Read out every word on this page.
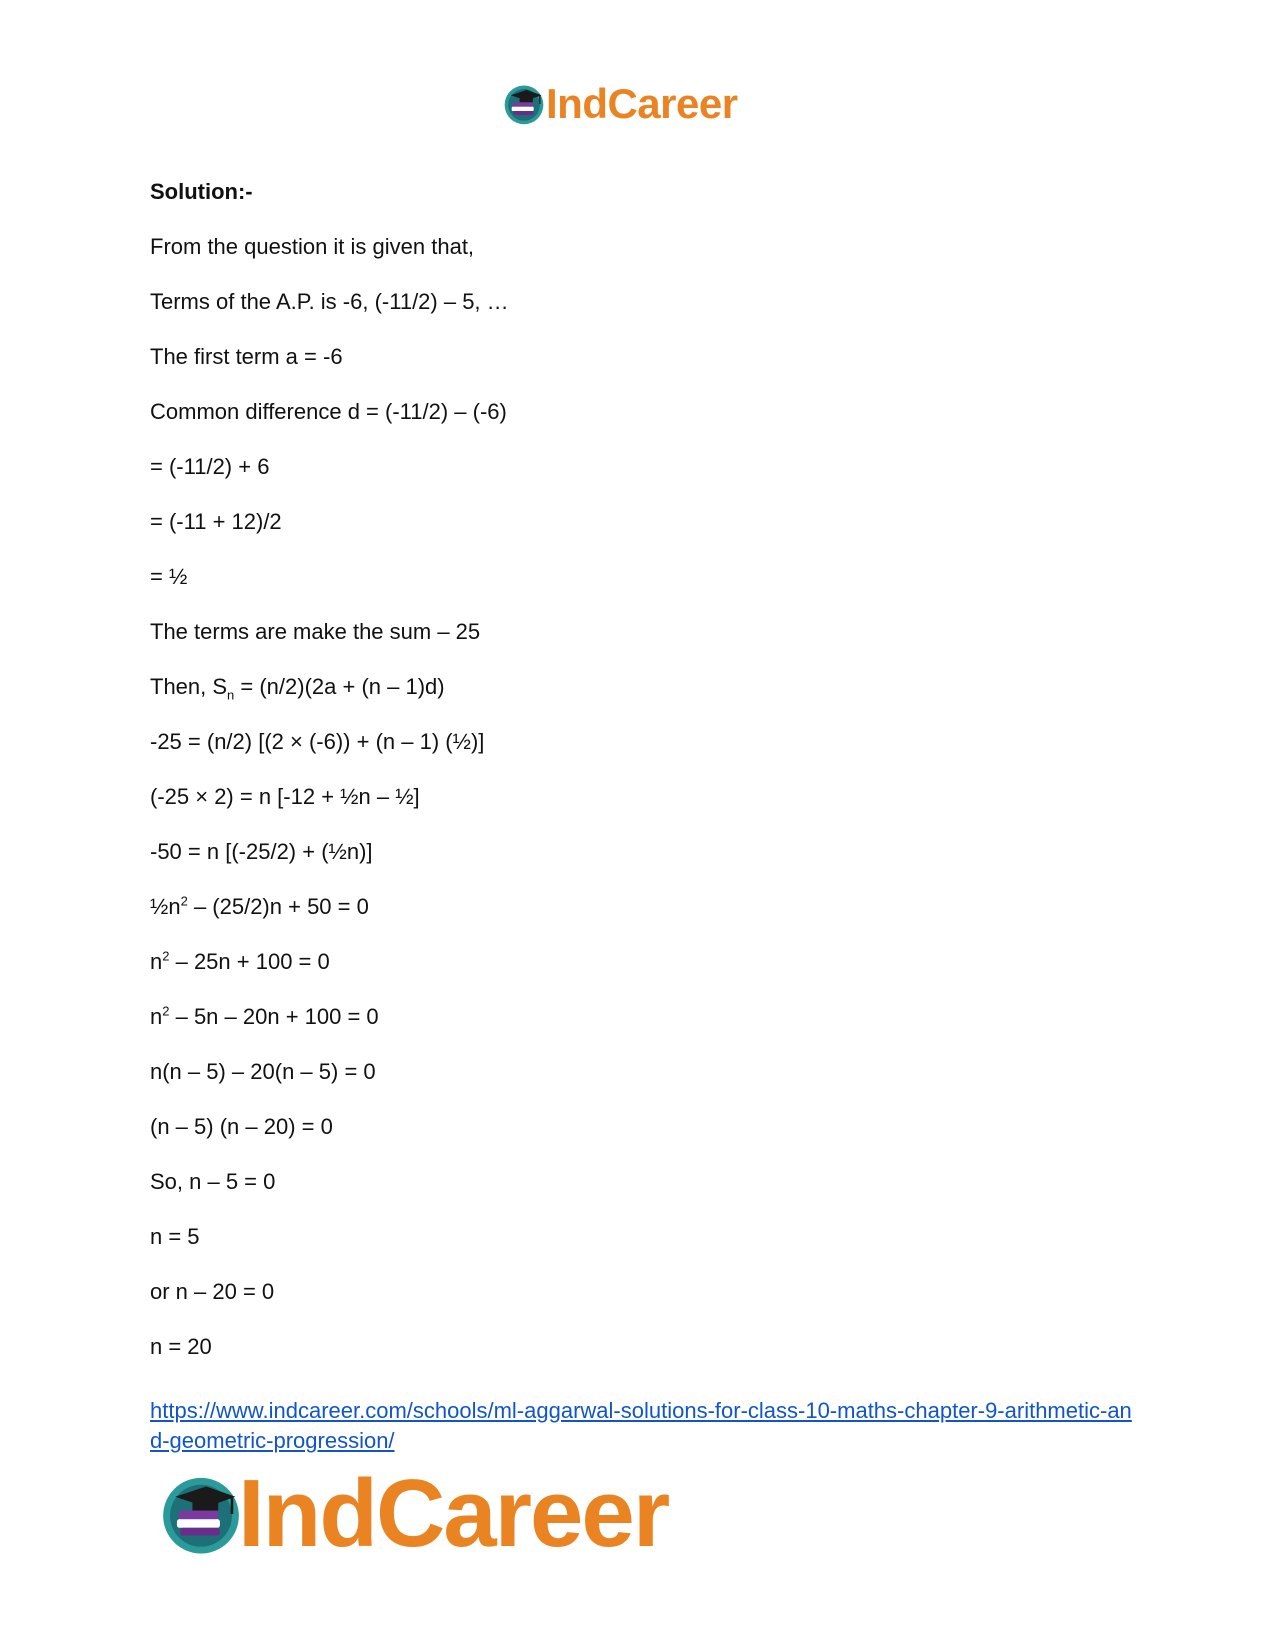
IndCareer
Solution:-
From the question it is given that,
Terms of the A.P. is -6, (-11/2) – 5, …
The first term a = -6
Common difference d = (-11/2) – (-6)
= (-11/2) + 6
= (-11 + 12)/2
= ½
The terms are make the sum – 25
Then, $S_n = (n/2)(2a + (n - 1)d)$
-25 = (n/2) [(2 × (-6)) + (n – 1) (½)]
(-25 × 2) = n [-12 + ½n – ½]
-50 = n [(-25/2) + (½n)]
$\frac{1}{2}n^2 - (25/2)n + 50 = 0$
$n^2 - 25n + 100 = 0$
$n^2 - 5n - 20n + 100 = 0$
n(n – 5) – 20(n – 5) = 0
(n – 5) (n – 20) = 0
So, n – 5 = 0
n = 5
or n – 20 = 0
n = 20
https://www.indcareer.com/schools/ml-aggarwal-solutions-for-class-10-maths-chapter-9-arithmetic-and-geometric-progression/
IndCareer
